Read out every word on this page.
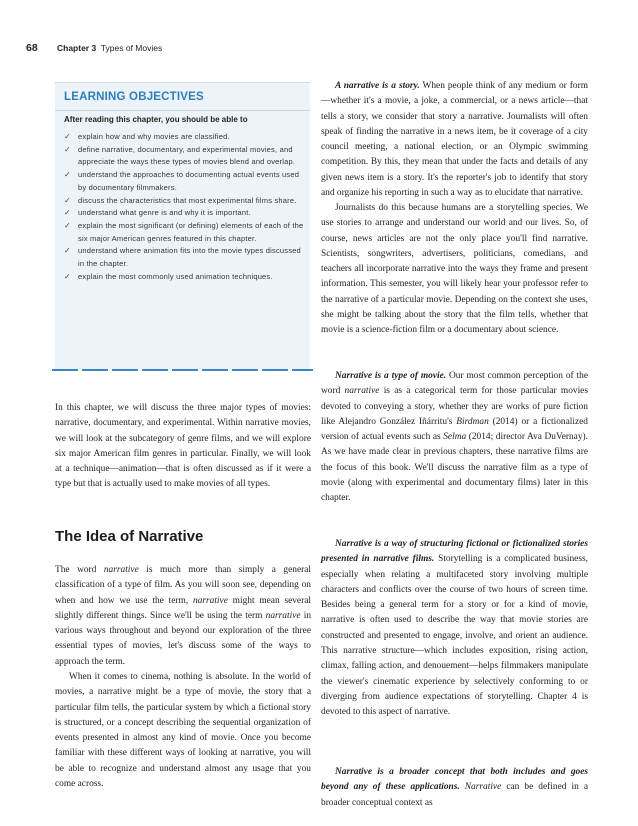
68 Chapter 3 Types of Movies
LEARNING OBJECTIVES
After reading this chapter, you should be able to
✓ explain how and why movies are classified.
✓ define narrative, documentary, and experimental movies, and appreciate the ways these types of movies blend and overlap.
✓ understand the approaches to documenting actual events used by documentary filmmakers.
✓ discuss the characteristics that most experimental films share.
✓ understand what genre is and why it is important.
✓ explain the most significant (or defining) elements of each of the six major American genres featured in this chapter.
✓ understand where animation fits into the movie types discussed in the chapter.
✓ explain the most commonly used animation techniques.

In this chapter, we will discuss the three major types of movies: narrative, documentary, and experimental. Within narrative movies, we will look at the subcategory of genre films, and we will explore six major American film genres in particular. Finally, we will look at a technique—animation—that is often discussed as if it were a type but that is actually used to make movies of all types.

The Idea of Narrative

The word narrative is much more than simply a general classification of a type of film. As you will soon see, depending on when and how we use the term, narrative might mean several slightly different things. Since we'll be using the term narrative in various ways throughout and beyond our exploration of the three essential types of movies, let's discuss some of the ways to approach the term.

When it comes to cinema, nothing is absolute. In the world of movies, a narrative might be a type of movie, the story that a particular film tells, the particular system by which a fictional story is structured, or a concept describing the sequential organization of events presented in almost any kind of movie. Once you become familiar with these different ways of looking at narrative, you will be able to recognize and understand almost any usage that you come across.

A narrative is a story. When people think of any medium or form—whether it's a movie, a joke, a commercial, or a news article—that tells a story, we consider that story a narrative. Journalists will often speak of finding the narrative in a news item, be it coverage of a city council meeting, a national election, or an Olympic swimming competition. By this, they mean that under the facts and details of any given news item is a story. It's the reporter's job to identify that story and organize his reporting in such a way as to elucidate that narrative.

Journalists do this because humans are a storytelling species. We use stories to arrange and understand our world and our lives. So, of course, news articles are not the only place you'll find narrative. Scientists, songwriters, advertisers, politicians, comedians, and teachers all incorporate narrative into the ways they frame and present information. This semester, you will likely hear your professor refer to the narrative of a particular movie. Depending on the context she uses, she might be talking about the story that the film tells, whether that movie is a science-fiction film or a documentary about science.

Narrative is a type of movie. Our most common perception of the word narrative is as a categorical term for those particular movies devoted to conveying a story, whether they are works of pure fiction like Alejandro González Iñárritu's Birdman (2014) or a fictionalized version of actual events such as Selma (2014; director Ava DuVernay). As we have made clear in previous chapters, these narrative films are the focus of this book. We'll discuss the narrative film as a type of movie (along with experimental and documentary films) later in this chapter.

Narrative is a way of structuring fictional or fictionalized stories presented in narrative films. Storytelling is a complicated business, especially when relating a multifaceted story involving multiple characters and conflicts over the course of two hours of screen time. Besides being a general term for a story or for a kind of movie, narrative is often used to describe the way that movie stories are constructed and presented to engage, involve, and orient an audience. This narrative structure—which includes exposition, rising action, climax, falling action, and denouement—helps filmmakers manipulate the viewer's cinematic experience by selectively conforming to or diverging from audience expectations of storytelling. Chapter 4 is devoted to this aspect of narrative.

Narrative is a broader concept that both includes and goes beyond any of these applications. Narrative can be defined in a broader conceptual context as
